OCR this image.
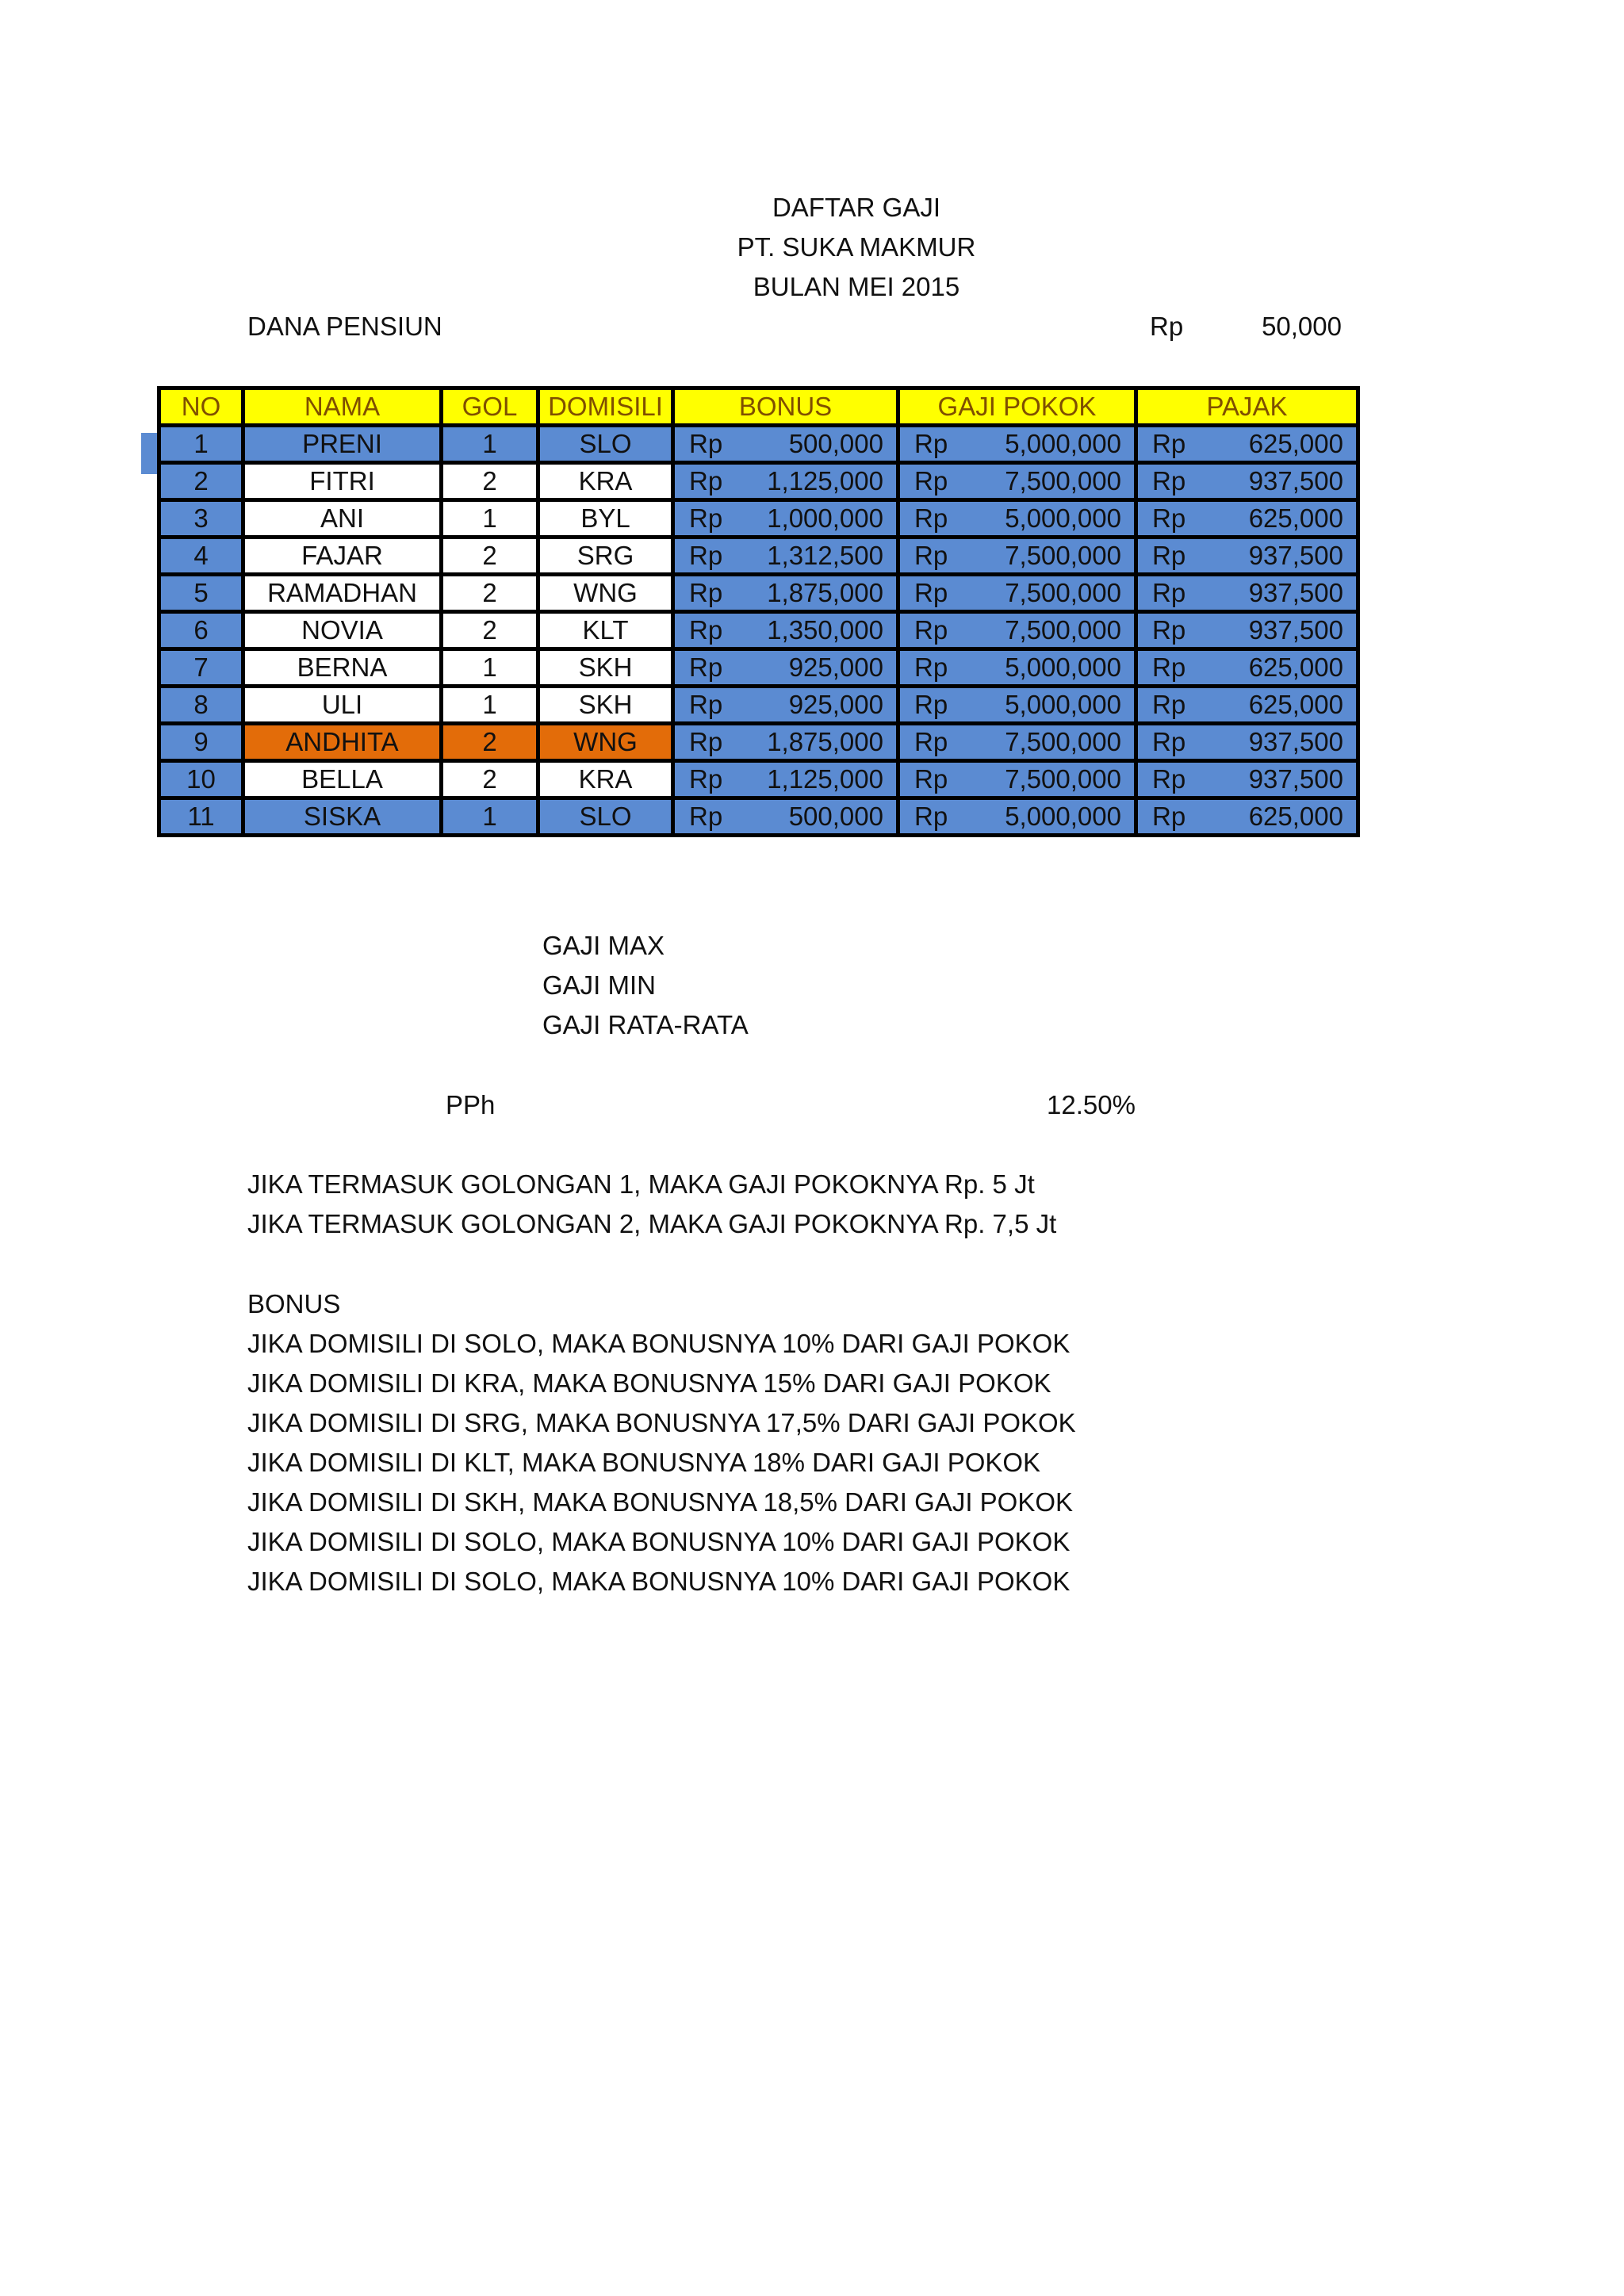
DAFTAR GAJI
PT. SUKA MAKMUR
BULAN MEI 2015
DANA PENSIUN	Rp	50,000
NO	NAMA	GOL	DOMISILI	BONUS	GAJI POKOK	PAJAK
1	PRENI	1	SLO	Rp 500,000	Rp 5,000,000	Rp 625,000

2	FITRI	2	KRA	Rp 1,125,000	Rp 7,500,000	Rp 937,500

3	ANI	1	BYL	Rp 1,000,000	Rp 5,000,000	Rp 625,000

4	FAJAR	2	SRG	Rp 1,312,500	Rp 7,500,000	Rp 937,500

5	RAMADHAN	2	WNG	Rp 1,875,000	Rp 7,500,000	Rp 937,500

6	NOVIA	2	KLT	Rp 1,350,000	Rp 7,500,000	Rp 937,500

7	BERNA	1	SKH	Rp 925,000	Rp 5,000,000	Rp 625,000

8	ULI	1	SKH	Rp 925,000	Rp 5,000,000	Rp 625,000

9	ANDHITA	2	WNG	Rp 1,875,000	Rp 7,500,000	Rp 937,500

10	BELLA	2	KRA	Rp 1,125,000	Rp 7,500,000	Rp 937,500

11	SISKA	1	SLO	Rp 500,000	Rp 5,000,000	Rp 625,000
GAJI MAX
GAJI MIN
GAJI RATA-RATA
PPh	12.50%
JIKA TERMASUK GOLONGAN 1, MAKA GAJI POKOKNYA Rp. 5 Jt
JIKA TERMASUK GOLONGAN 2, MAKA GAJI POKOKNYA Rp. 7,5 Jt
BONUS
JIKA DOMISILI DI SOLO, MAKA BONUSNYA 10% DARI GAJI POKOK
JIKA DOMISILI DI KRA, MAKA BONUSNYA 15% DARI GAJI POKOK
JIKA DOMISILI DI SRG, MAKA BONUSNYA 17,5% DARI GAJI POKOK
JIKA DOMISILI DI KLT, MAKA BONUSNYA 18% DARI GAJI POKOK
JIKA DOMISILI DI SKH, MAKA BONUSNYA 18,5% DARI GAJI POKOK
JIKA DOMISILI DI SOLO, MAKA BONUSNYA 10% DARI GAJI POKOK
JIKA DOMISILI DI SOLO, MAKA BONUSNYA 10% DARI GAJI POKOK
